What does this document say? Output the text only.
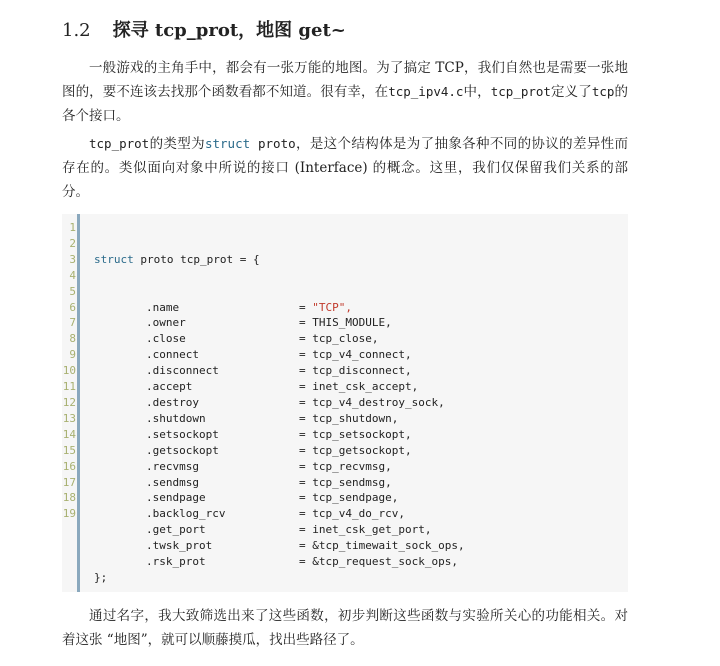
1.2 探寻 tcp_prot，地图 get~

一般游戏的主角手中，都会有一张万能的地图。为了搞定 TCP，我们自然也是需要一张地图的，要不连该去找那个函数看都不知道。很有幸，在tcp_ipv4.c中，tcp_prot定义了tcp的各个接口。

tcp_prot的类型为struct proto，是这个结构体是为了抽象各种不同的协议的差异性而存在的。类似面向对象中所说的接口 (Interface) 的概念。这里，我们仅保留我们关系的部分。

1
2
3
4
5
6
7
8
9
10
11
12
13
14
15
16
17
18
19

struct proto tcp_prot = {

.name	= "TCP",
.owner	= THIS_MODULE,
.close	= tcp_close,
.connect	= tcp_v4_connect,
.disconnect	= tcp_disconnect,
.accept	= inet_csk_accept,
.destroy	= tcp_v4_destroy_sock,
.shutdown	= tcp_shutdown,
.setsockopt	= tcp_setsockopt,
.getsockopt	= tcp_getsockopt,
.recvmsg	= tcp_recvmsg,
.sendmsg	= tcp_sendmsg,
.sendpage	= tcp_sendpage,
.backlog_rcv	= tcp_v4_do_rcv,
.get_port	= inet_csk_get_port,
.twsk_prot	= &tcp_timewait_sock_ops,
.rsk_prot	= &tcp_request_sock_ops,
};

通过名字，我大致筛选出来了这些函数，初步判断这些函数与实验所关心的功能相关。对着这张 “地图”，就可以顺藤摸瓜，找出些路径了。
